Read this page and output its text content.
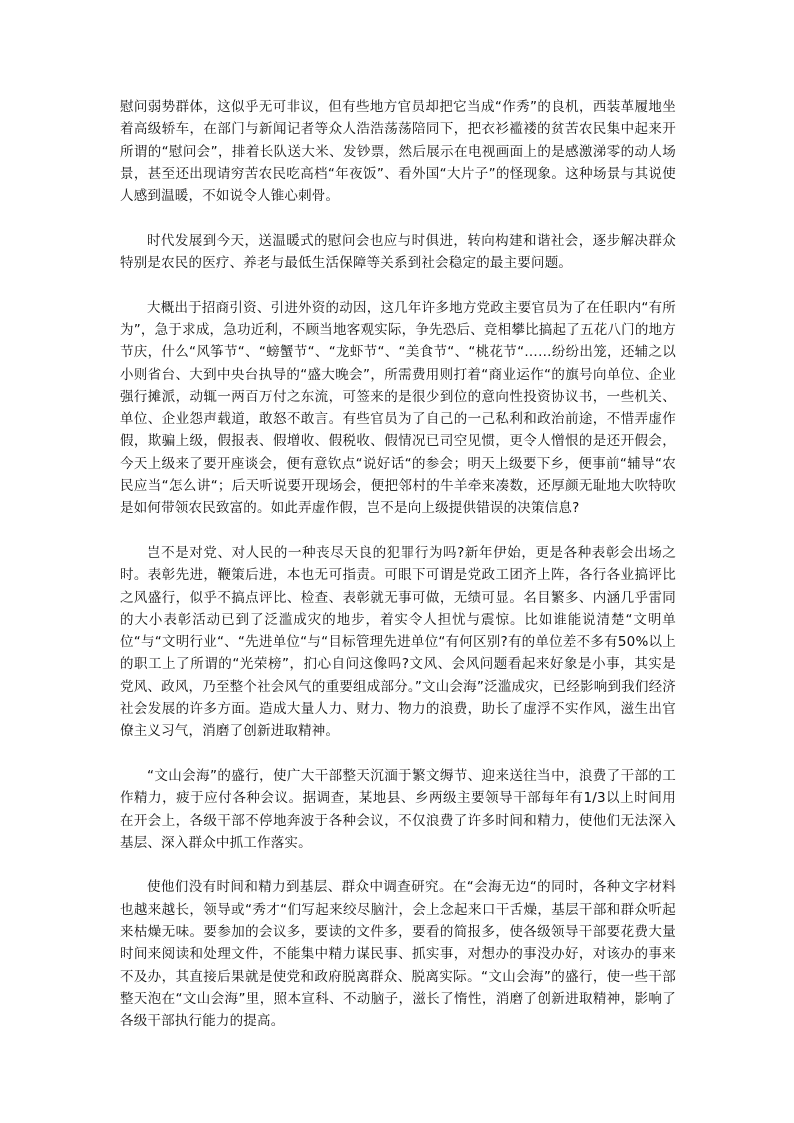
慰问弱势群体，这似乎无可非议，但有些地方官员却把它当成“作秀”的良机，西装革履地坐着高级轿车，在部门与新闻记者等众人浩浩荡荡陪同下，把衣衫褴褛的贫苦农民集中起来开所谓的“慰问会”，排着长队送大米、发钞票，然后展示在电视画面上的是感激涕零的动人场景，甚至还出现请穷苦农民吃高档“年夜饭”、看外国“大片子”的怪现象。这种场景与其说使人感到温暖，不如说令人锥心刺骨。

时代发展到今天，送温暖式的慰问会也应与时俱进，转向构建和谐社会，逐步解决群众特别是农民的医疗、养老与最低生活保障等关系到社会稳定的最主要问题。

大概出于招商引资、引进外资的动因，这几年许多地方党政主要官员为了在任职内“有所为”，急于求成，急功近利，不顾当地客观实际，争先恐后、竞相攀比搞起了五花八门的地方节庆，什么“风筝节“、“螃蟹节“、“龙虾节“、“美食节“、“桃花节“……纷纷出笼，还辅之以小则省台、大到中央台执导的“盛大晚会”，所需费用则打着“商业运作“的旗号向单位、企业强行摊派，动辄一两百万付之东流，可签来的是很少到位的意向性投资协议书，一些机关、单位、企业怨声载道，敢怒不敢言。有些官员为了自己的一己私利和政治前途，不惜弄虚作假，欺骗上级，假报表、假增收、假税收、假情况已司空见惯，更令人憎恨的是还开假会，今天上级来了要开座谈会，便有意钦点“说好话“的参会；明天上级要下乡，便事前“辅导“农民应当“怎么讲“；后天听说要开现场会，便把邻村的牛羊牵来凑数，还厚颜无耻地大吹特吹是如何带领农民致富的。如此弄虚作假，岂不是向上级提供错误的决策信息?

岂不是对党、对人民的一种丧尽天良的犯罪行为吗?新年伊始，更是各种表彰会出场之时。表彰先进，鞭策后进，本也无可指责。可眼下可谓是党政工团齐上阵，各行各业搞评比之风盛行，似乎不搞点评比、检查、表彰就无事可做，无绩可显。名目繁多、内涵几乎雷同的大小表彰活动已到了泛滥成灾的地步，着实令人担忧与震惊。比如谁能说清楚“文明单位“与“文明行业“、“先进单位“与“目标管理先进单位“有何区别?有的单位差不多有50%以上的职工上了所谓的“光荣榜”，扪心自问这像吗?文风、会风问题看起来好象是小事，其实是党风、政风，乃至整个社会风气的重要组成部分。”文山会海”泛滥成灾，已经影响到我们经济社会发展的许多方面。造成大量人力、财力、物力的浪费，助长了虚浮不实作风，滋生出官僚主义习气，消磨了创新进取精神。

“文山会海”的盛行，使广大干部整天沉湎于繁文缛节、迎来送往当中，浪费了干部的工作精力，疲于应付各种会议。据调查，某地县、乡两级主要领导干部每年有1/3以上时间用在开会上，各级干部不停地奔波于各种会议，不仅浪费了许多时间和精力，使他们无法深入基层、深入群众中抓工作落实。

使他们没有时间和精力到基层、群众中调查研究。在“会海无边“的同时，各种文字材料也越来越长，领导或“秀才“们写起来绞尽脑汁，会上念起来口干舌燥，基层干部和群众听起来枯燥无味。要参加的会议多，要读的文件多，要看的简报多，使各级领导干部要花费大量时间来阅读和处理文件，不能集中精力谋民事、抓实事，对想办的事没办好，对该办的事来不及办，其直接后果就是使党和政府脱离群众、脱离实际。“文山会海”的盛行，使一些干部整天泡在“文山会海”里，照本宣科、不动脑子，滋长了惰性，消磨了创新进取精神，影响了各级干部执行能力的提高。
